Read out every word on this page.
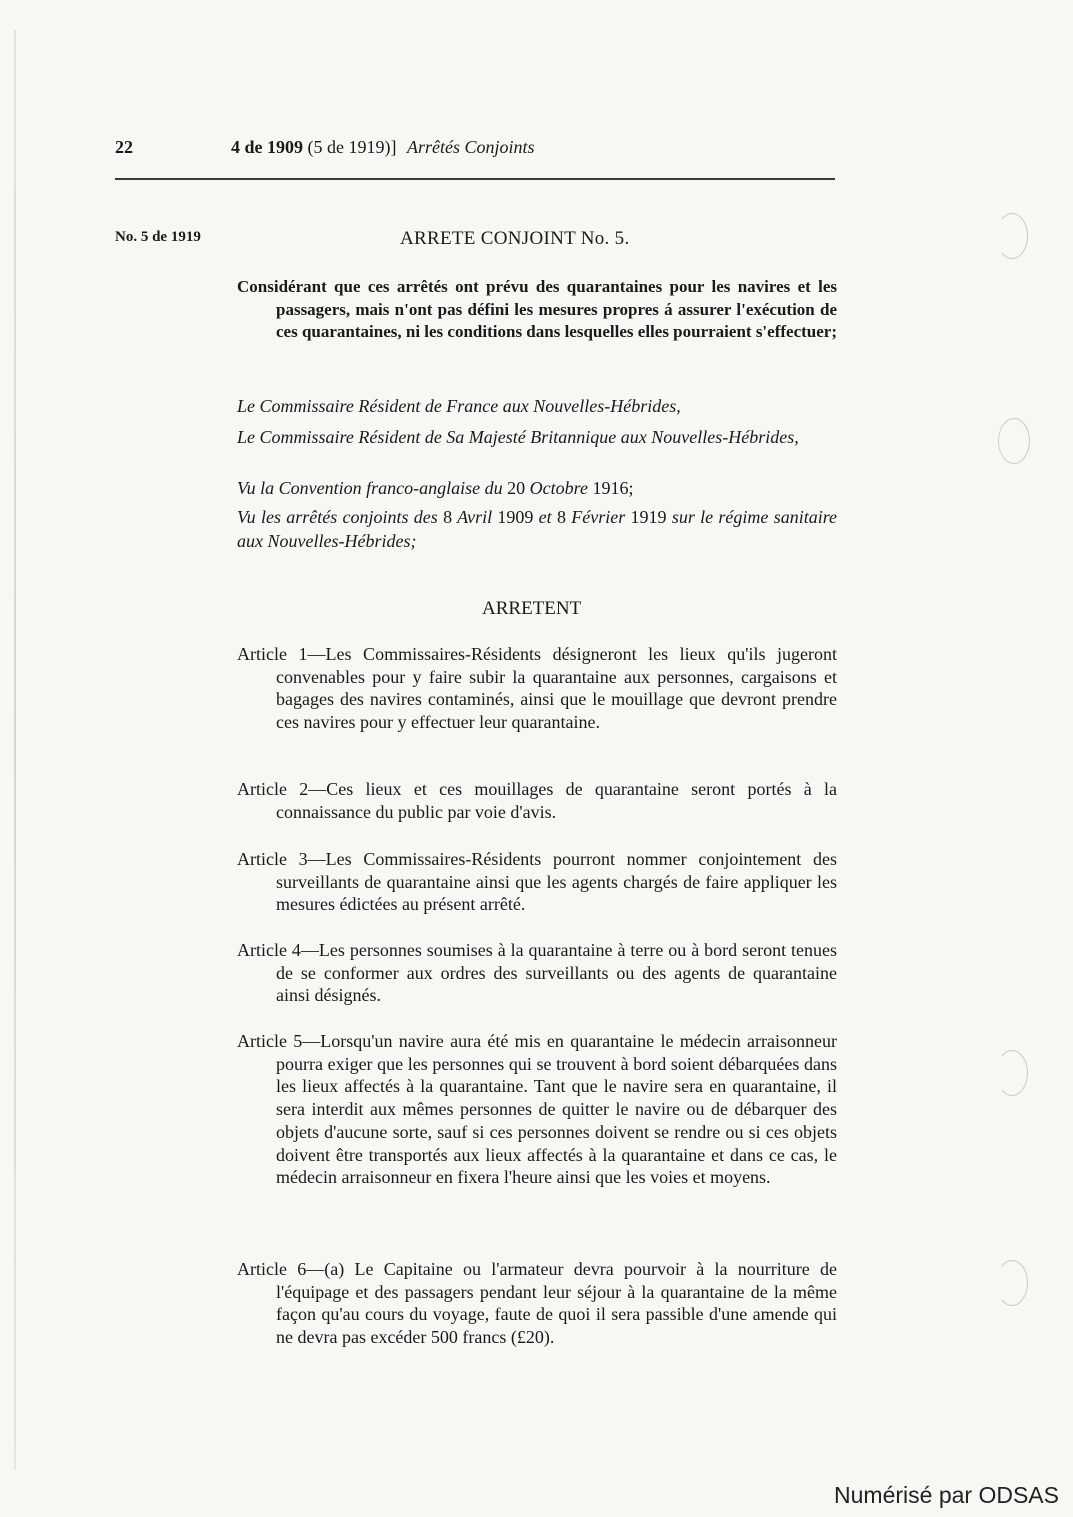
22	4 de 1909 (5 de 1919)] Arrêtés Conjoints
No. 5 de 1919	ARRETE CONJOINT No. 5.
Considérant que ces arrêtés ont prévu des quarantaines pour les navires et les passagers, mais n'ont pas défini les mesures propres á assurer l'exécution de ces quarantaines, ni les conditions dans lesquelles elles pourraient s'effectuer;
Le Commissaire Résident de France aux Nouvelles-Hébrides,
Le Commissaire Résident de Sa Majesté Britannique aux Nouvelles-Hébrides,
Vu la Convention franco-anglaise du 20 Octobre 1916;
Vu les arrêtés conjoints des 8 Avril 1909 et 8 Février 1919 sur le régime sanitaire aux Nouvelles-Hébrides;
ARRETENT
Article 1—Les Commissaires-Résidents désigneront les lieux qu'ils jugeront convenables pour y faire subir la quarantaine aux personnes, cargaisons et bagages des navires contaminés, ainsi que le mouillage que devront prendre ces navires pour y effectuer leur quarantaine.
Article 2—Ces lieux et ces mouillages de quarantaine seront portés à la connaissance du public par voie d'avis.
Article 3—Les Commissaires-Résidents pourront nommer conjointement des surveillants de quarantaine ainsi que les agents chargés de faire appliquer les mesures édictées au présent arrêté.
Article 4—Les personnes soumises à la quarantaine à terre ou à bord seront tenues de se conformer aux ordres des surveillants ou des agents de quarantaine ainsi désignés.
Article 5—Lorsqu'un navire aura été mis en quarantaine le médecin arraisonneur pourra exiger que les personnes qui se trouvent à bord soient débarquées dans les lieux affectés à la quarantaine. Tant que le navire sera en quarantaine, il sera interdit aux mêmes personnes de quitter le navire ou de débarquer des objets d'aucune sorte, sauf si ces personnes doivent se rendre ou si ces objets doivent être transportés aux lieux affectés à la quarantaine et dans ce cas, le médecin arraisonneur en fixera l'heure ainsi que les voies et moyens.
Article 6—(a) Le Capitaine ou l'armateur devra pourvoir à la nourriture de l'équipage et des passagers pendant leur séjour à la quarantaine de la même façon qu'au cours du voyage, faute de quoi il sera passible d'une amende qui ne devra pas excéder 500 francs (£20).
Numérisé par ODSAS
